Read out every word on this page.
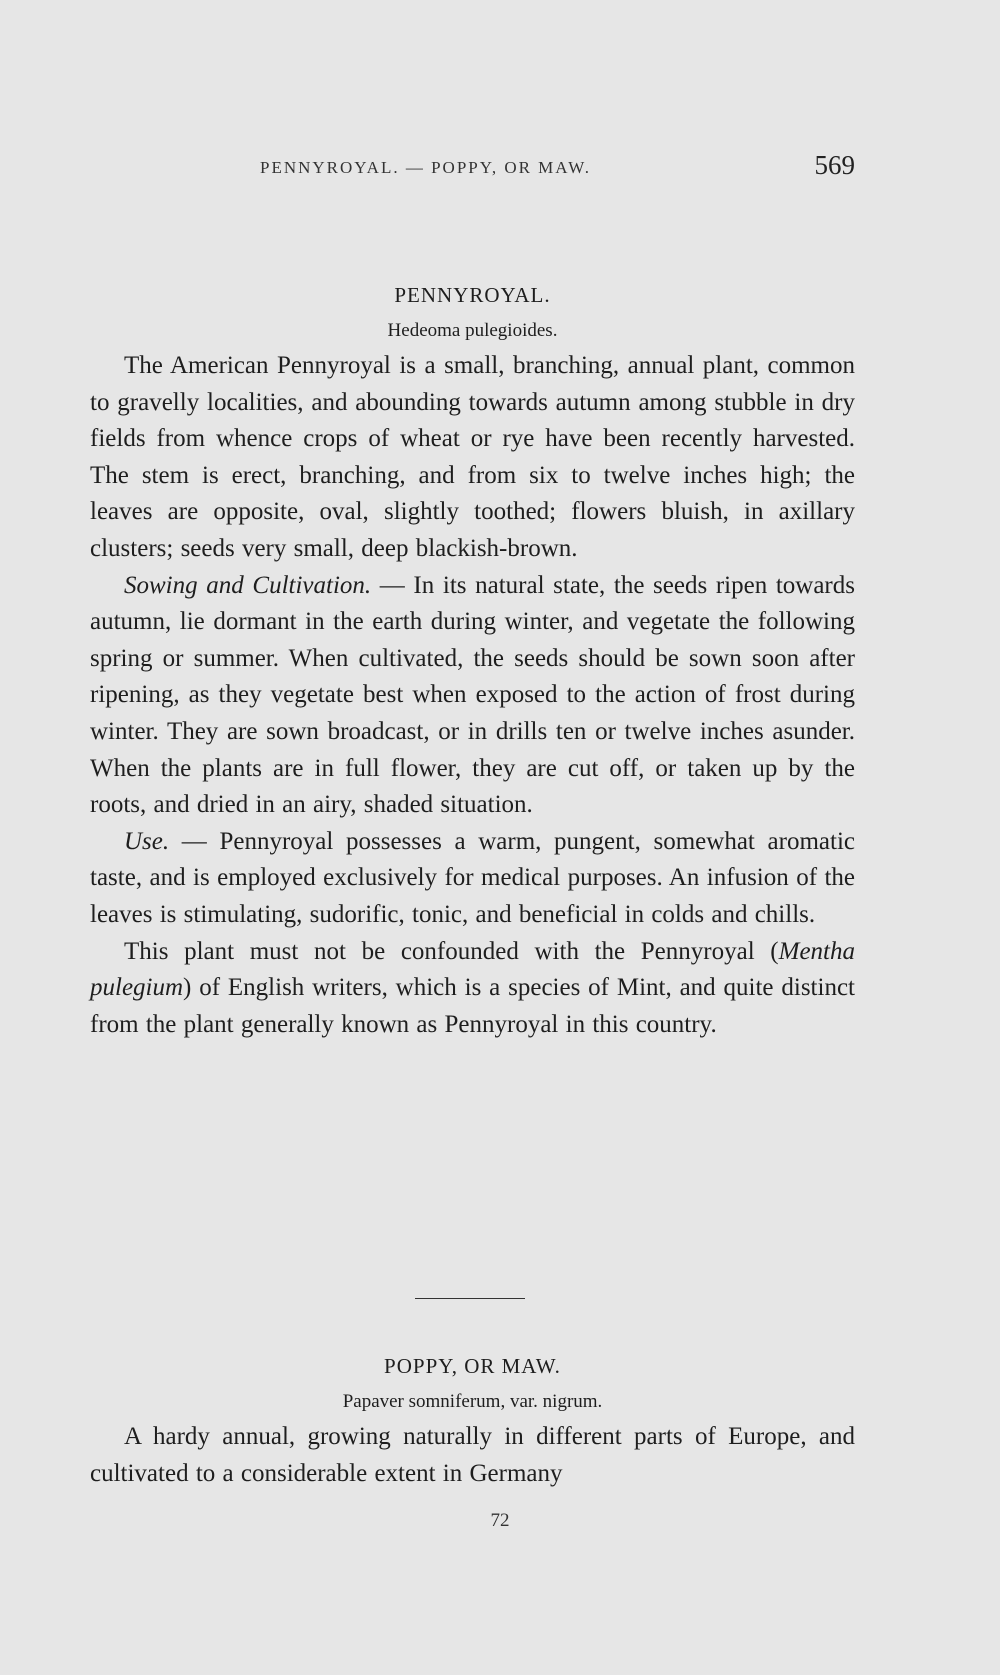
PENNYROYAL. — POPPY, OR MAW.	569

PENNYROYAL.

Hedeoma pulegioides.

The American Pennyroyal is a small, branching, annual plant, common to gravelly localities, and abounding towards autumn among stubble in dry fields from whence crops of wheat or rye have been recently harvested. The stem is erect, branching, and from six to twelve inches high; the leaves are opposite, oval, slightly toothed; flowers bluish, in axillary clusters; seeds very small, deep blackish-brown.

Sowing and Cultivation. — In its natural state, the seeds ripen towards autumn, lie dormant in the earth during winter, and vegetate the following spring or summer. When cultivated, the seeds should be sown soon after ripening, as they vegetate best when exposed to the action of frost during winter. They are sown broadcast, or in drills ten or twelve inches asunder. When the plants are in full flower, they are cut off, or taken up by the roots, and dried in an airy, shaded situation.

Use. — Pennyroyal possesses a warm, pungent, somewhat aromatic taste, and is employed exclusively for medical purposes. An infusion of the leaves is stimulating, sudorific, tonic, and beneficial in colds and chills.

This plant must not be confounded with the Pennyroyal (Mentha pulegium) of English writers, which is a species of Mint, and quite distinct from the plant generally known as Pennyroyal in this country.

POPPY, OR MAW.

Papaver somniferum, var. nigrum.

A hardy annual, growing naturally in different parts of Europe, and cultivated to a considerable extent in Germany

72
